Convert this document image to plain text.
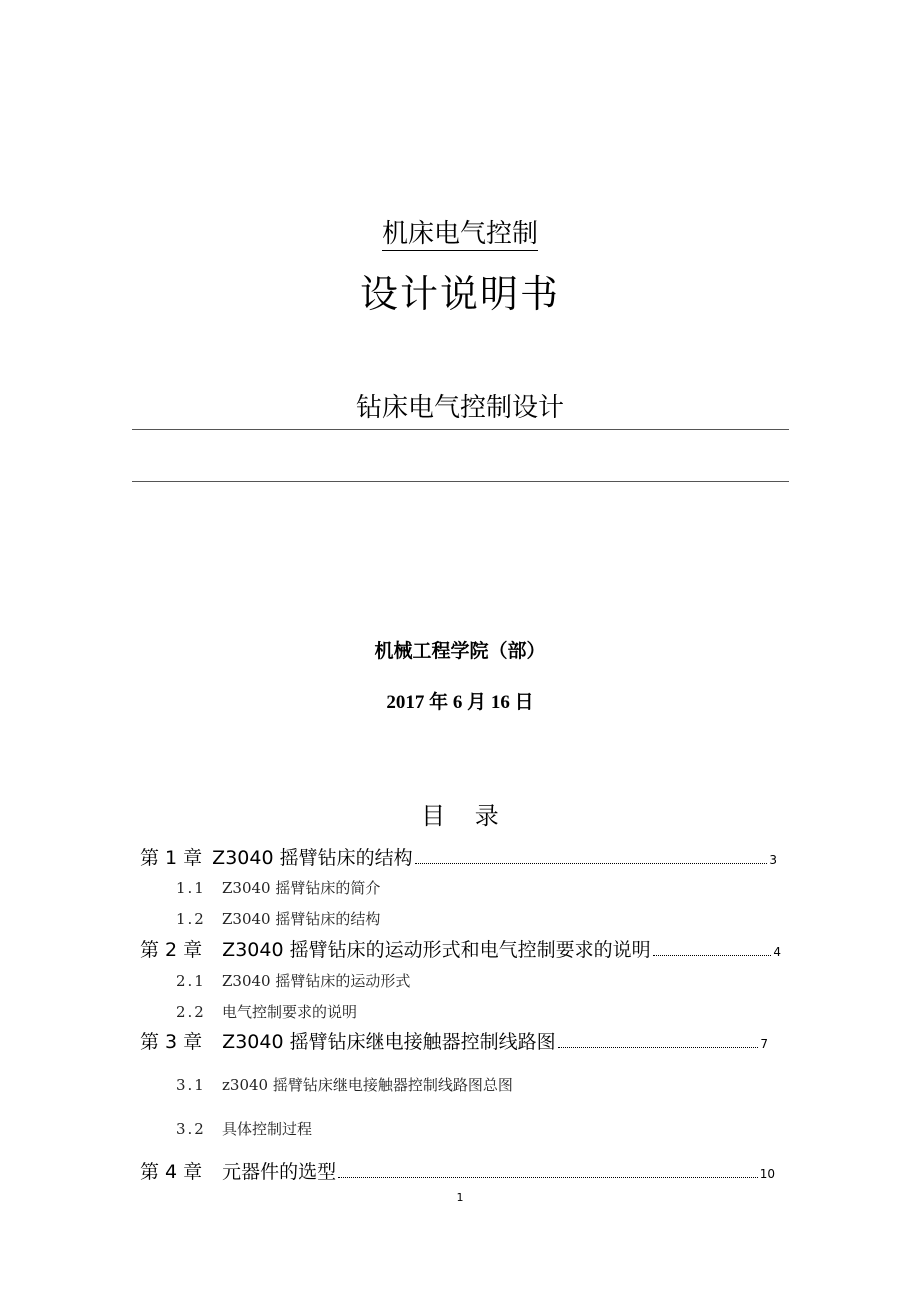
机床电气控制
设计说明书
钻床电气控制设计
机械工程学院（部）
2017 年 6 月 16 日
目 录
第 1 章 Z3040 摇臂钻床的结构	3
1.1 Z3040 摇臂钻床的简介
1.2 Z3040 摇臂钻床的结构
第 2 章 Z3040 摇臂钻床的运动形式和电气控制要求的说明	4
2.1 Z3040 摇臂钻床的运动形式
2.2 电气控制要求的说明
第 3 章 Z3040 摇臂钻床继电接触器控制线路图	7
3.1 z3040 摇臂钻床继电接触器控制线路图总图
3.2 具体控制过程
第 4 章 元器件的选型	10
1
